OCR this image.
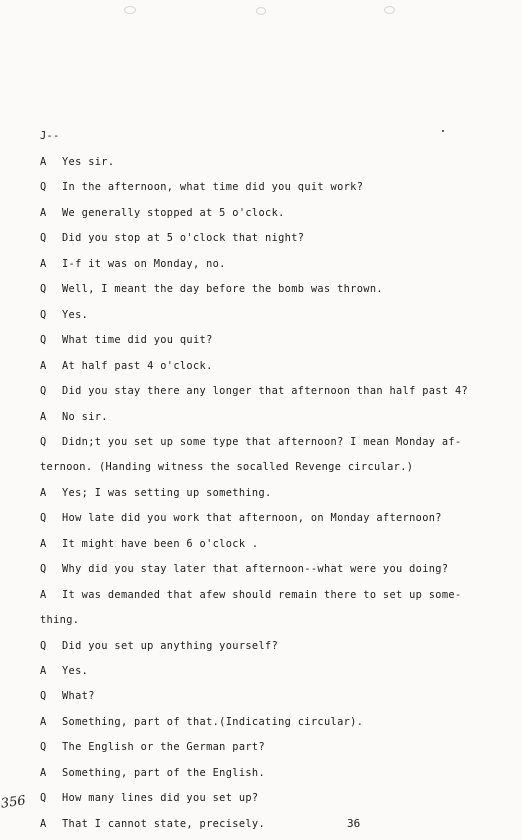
J--
A Yes sir.
Q In the afternoon, what time did you quit work?
A We generally stopped at 5 o'clock.
Q Did you stop at 5 o'clock that night?
A I-f it was on Monday, no.
Q Well, I meant the day before the bomb was thrown.
Q Yes.
Q What time did you quit?
A At half past 4 o'clock.
Q Did you stay there any longer that afternoon than half past 4?
A No sir.
Q Didn;t you set up some type that afternoon? I mean Monday af-
ternoon. (Handing witness the socalled Revenge circular.)
A Yes; I was setting up something.
Q How late did you work that afternoon, on Monday afternoon?
A It might have been 6 o'clock .
Q Why did you stay later that afternoon--what were you doing?
A It was demanded that afew should remain there to set up some-
thing.
Q Did you set up anything yourself?
A Yes.
Q What?
A Something, part of that.(Indicating circular).
Q The English or the German part?
A Something, part of the English.
Q How many lines did you set up?
A That I cannot state, precisely.
356
36
